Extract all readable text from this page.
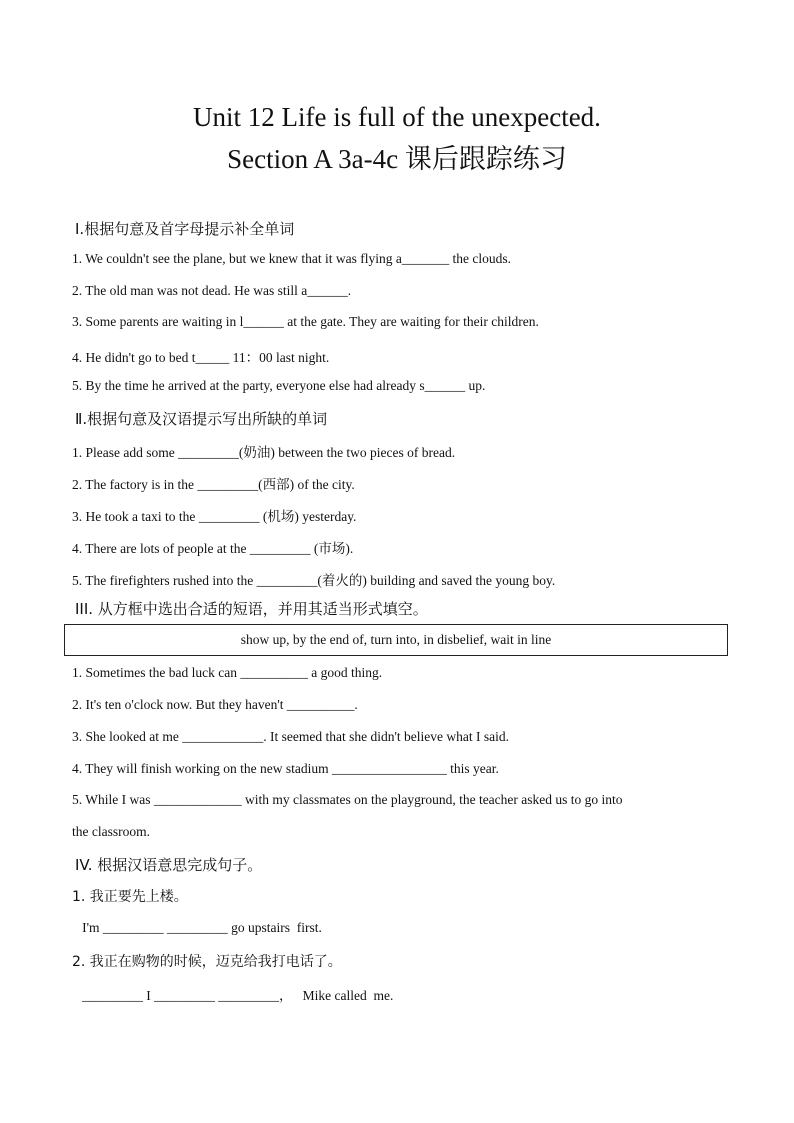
Unit 12 Life is full of the unexpected.
Section A 3a-4c 课后跟踪练习
Ⅰ.根据句意及首字母提示补全单词
1. We couldn't see the plane, but we knew that it was flying a_______ the clouds.
2. The old man was not dead. He was still a______.
3. Some parents are waiting in l______ at the gate. They are waiting for their children.
4. He didn't go to bed t_____ 11：00 last night.
5. By the time he arrived at the party, everyone else had already s______ up.
Ⅱ.根据句意及汉语提示写出所缺的单词
1. Please add some _________(奶油) between the two pieces of bread.
2. The factory is in the _________(西部) of the city.
3. He took a taxi to the _________ (机场) yesterday.
4. There are lots of people at the _________ (市场).
5. The firefighters rushed into the _________(着火的) building and saved the young boy.
III. 从方框中选出合适的短语，并用其适当形式填空。
show up, by the end of, turn into, in disbelief, wait in line
1. Sometimes the bad luck can __________ a good thing.
2. It's ten o'clock now. But they haven't __________.
3. She looked at me ____________. It seemed that she didn't believe what I said.
4. They will finish working on the new stadium _________________ this year.
5. While I was _____________ with my classmates on the playground, the teacher asked us to go into
the classroom.
IV. 根据汉语意思完成句子。
1. 我正要先上楼。
I'm _________ _________ go upstairs  first.
2. 我正在购物的时候，迈克给我打电话了。
_________ I _________ _________，   Mike called  me.
